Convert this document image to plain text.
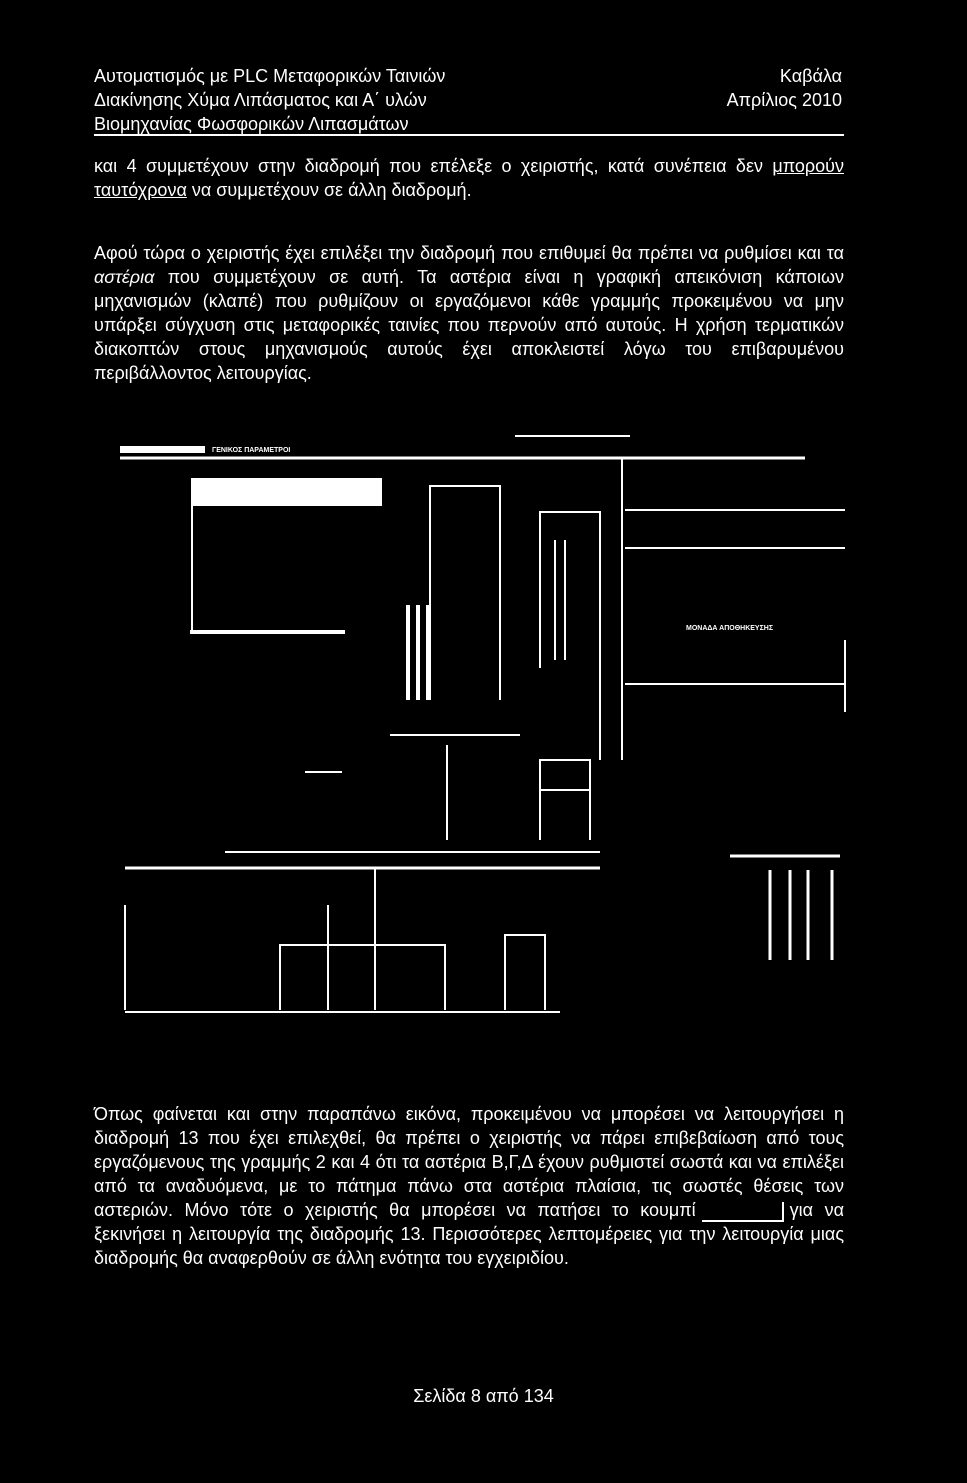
Αυτοματισμός με PLC Μεταφορικών Ταινιών
Διακίνησης Χύμα Λιπάσματος και Α΄ υλών
Βιομηχανίας Φωσφορικών Λιπασμάτων
Καβάλα
Απρίλιος 2010
και 4 συμμετέχουν στην διαδρομή που επέλεξε ο χειριστής, κατά συνέπεια δεν μπορούν ταυτόχρονα να συμμετέχουν σε άλλη διαδρομή.
Αφού τώρα ο χειριστής έχει επιλέξει την διαδρομή που επιθυμεί θα πρέπει να ρυθμίσει και τα αστέρια που συμμετέχουν σε αυτή. Τα αστέρια είναι η γραφική απεικόνιση κάποιων μηχανισμών (κλαπέ) που ρυθμίζουν οι εργαζόμενοι κάθε γραμμής προκειμένου να μην υπάρξει σύγχυση στις μεταφορικές ταινίες που περνούν από αυτούς. Η χρήση τερματικών διακοπτών στους μηχανισμούς αυτούς έχει αποκλειστεί λόγω του επιβαρυμένου περιβάλλοντος λειτουργίας.
ΓΕΝΙΚΟΣ ΠΑΡΑΜΕΤΡΟΙ
ΜΟΝΑΔΑ ΑΠΟΘΗΚΕΥΣΗΣ
Όπως φαίνεται και στην παραπάνω εικόνα, προκειμένου να μπορέσει να λειτουργήσει η διαδρομή 13 που έχει επιλεχθεί, θα πρέπει ο χειριστής να πάρει επιβεβαίωση από τους εργαζόμενους της γραμμής 2 και 4 ότι τα αστέρια Β,Γ,Δ έχουν ρυθμιστεί σωστά και να επιλέξει από τα αναδυόμενα, με το πάτημα πάνω στα αστέρια πλαίσια, τις σωστές θέσεις των αστεριών. Μόνο τότε ο χειριστής θα μπορέσει να πατήσει το κουμπί	για να ξεκινήσει η λειτουργία της διαδρομής 13. Περισσότερες λεπτομέρειες για την λειτουργία μιας διαδρομής θα αναφερθούν σε άλλη ενότητα του εγχειριδίου.
Σελίδα 8 από 134
